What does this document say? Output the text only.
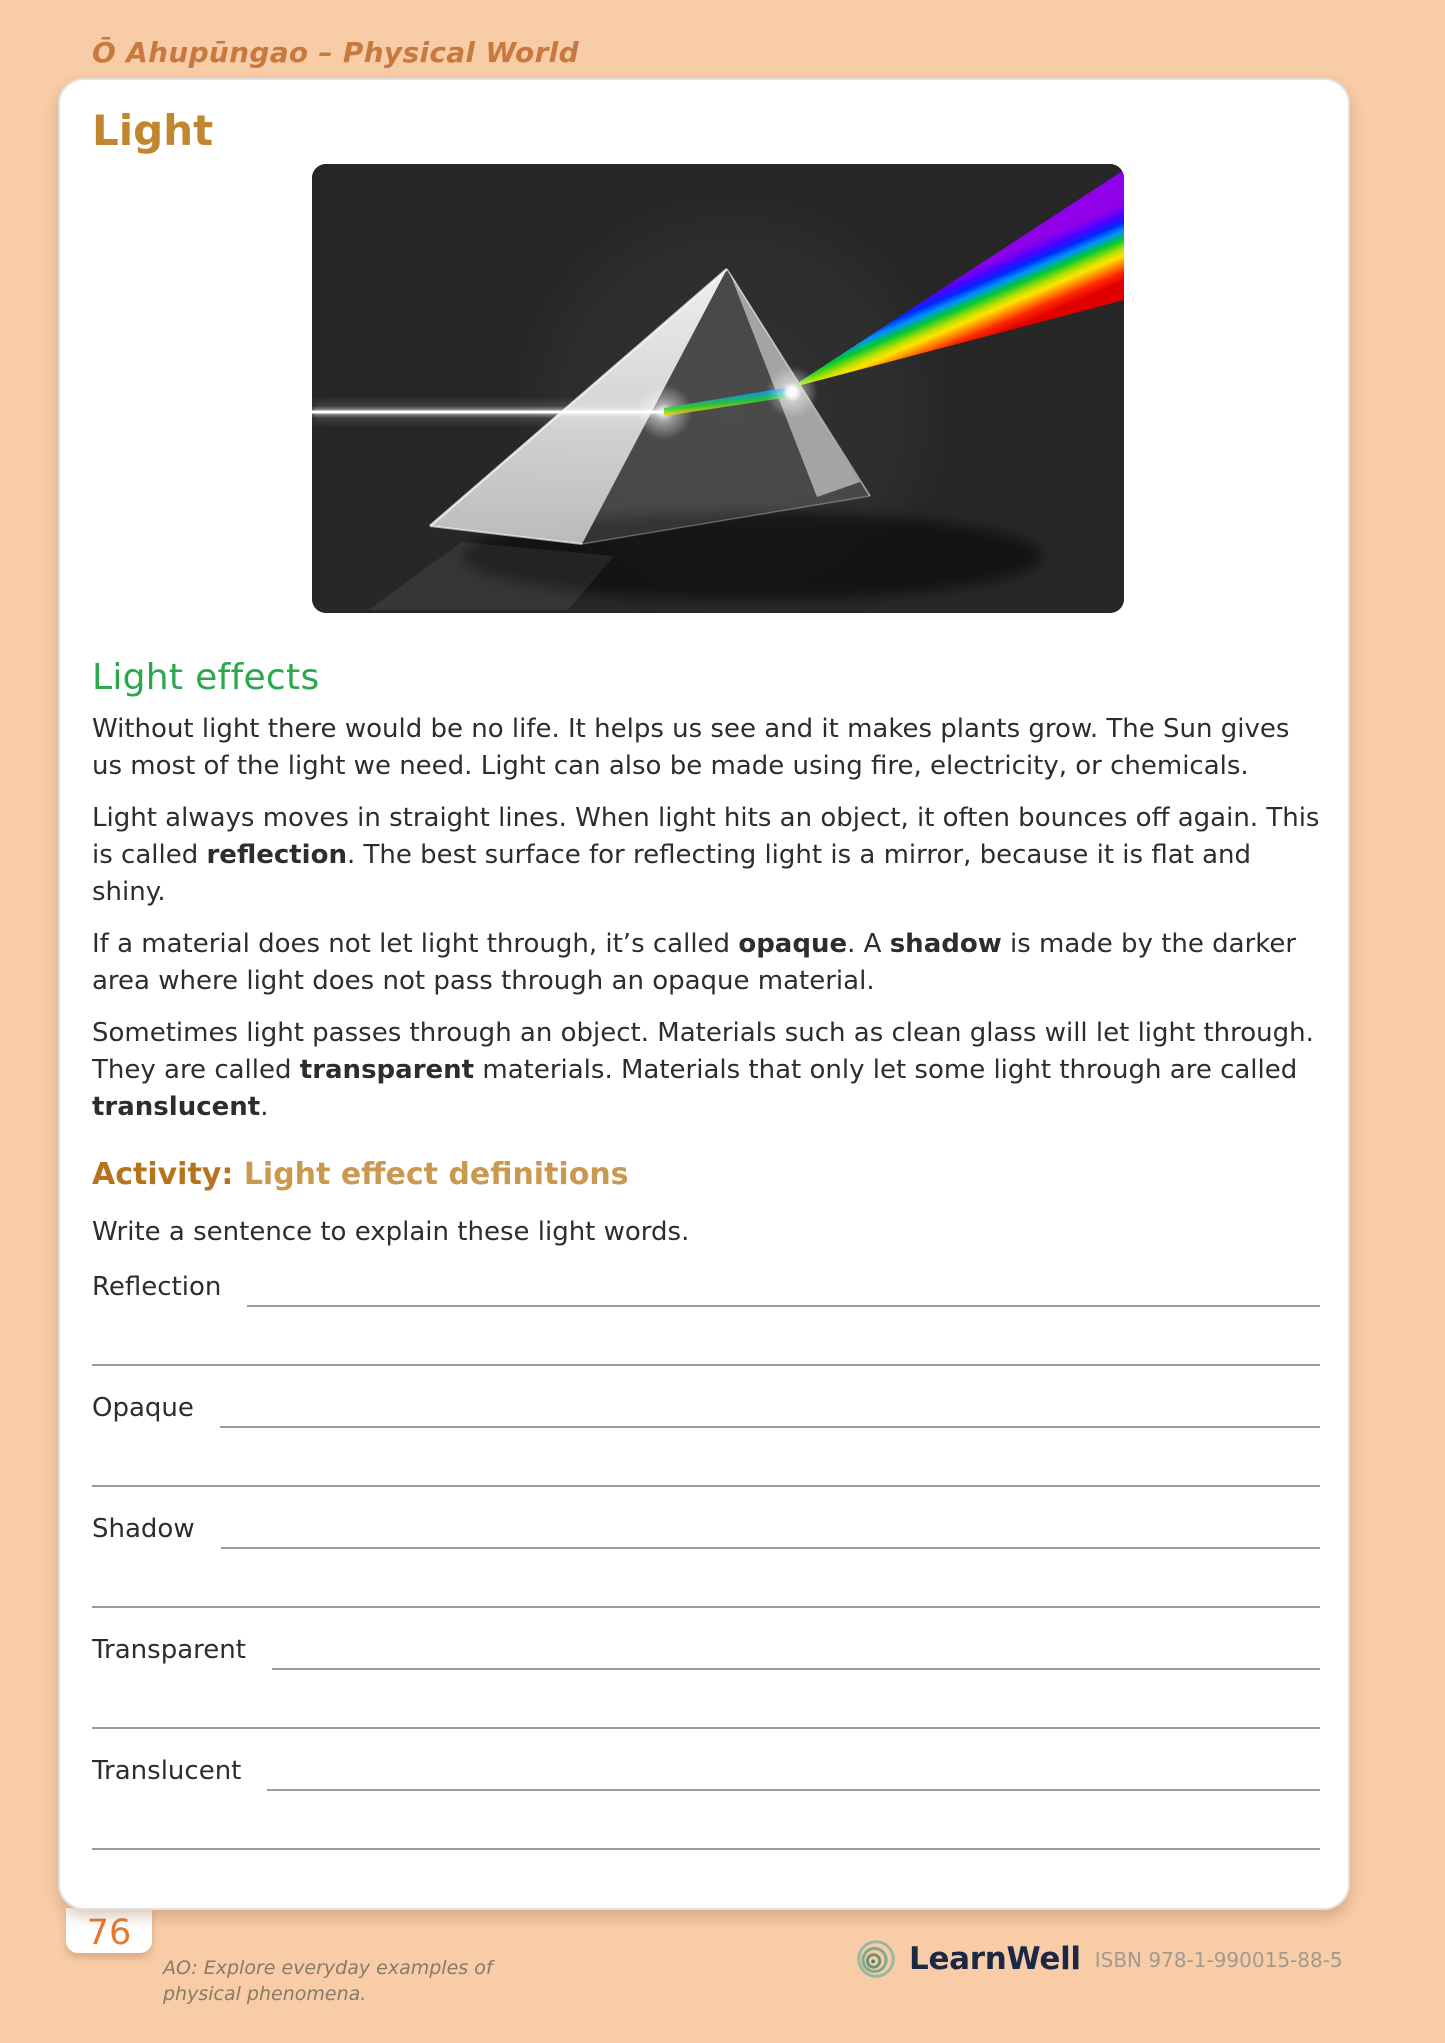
Ō Ahupūngao – Physical World
Light
Light effects

Without light there would be no life. It helps us see and it makes plants grow. The Sun gives us most of the light we need. Light can also be made using fire, electricity, or chemicals.

Light always moves in straight lines. When light hits an object, it often bounces off again. This is called reflection. The best surface for reflecting light is a mirror, because it is flat and shiny.

If a material does not let light through, it’s called opaque. A shadow is made by the darker area where light does not pass through an opaque material.

Sometimes light passes through an object. Materials such as clean glass will let light through. They are called transparent materials. Materials that only let some light through are called translucent.

Activity: Light effect definitions

Write a sentence to explain these light words.

Reflection
Opaque
Shadow
Transparent
Translucent
76
AO: Explore everyday examples of physical phenomena.
LearnWell ISBN 978-1-990015-88-5
